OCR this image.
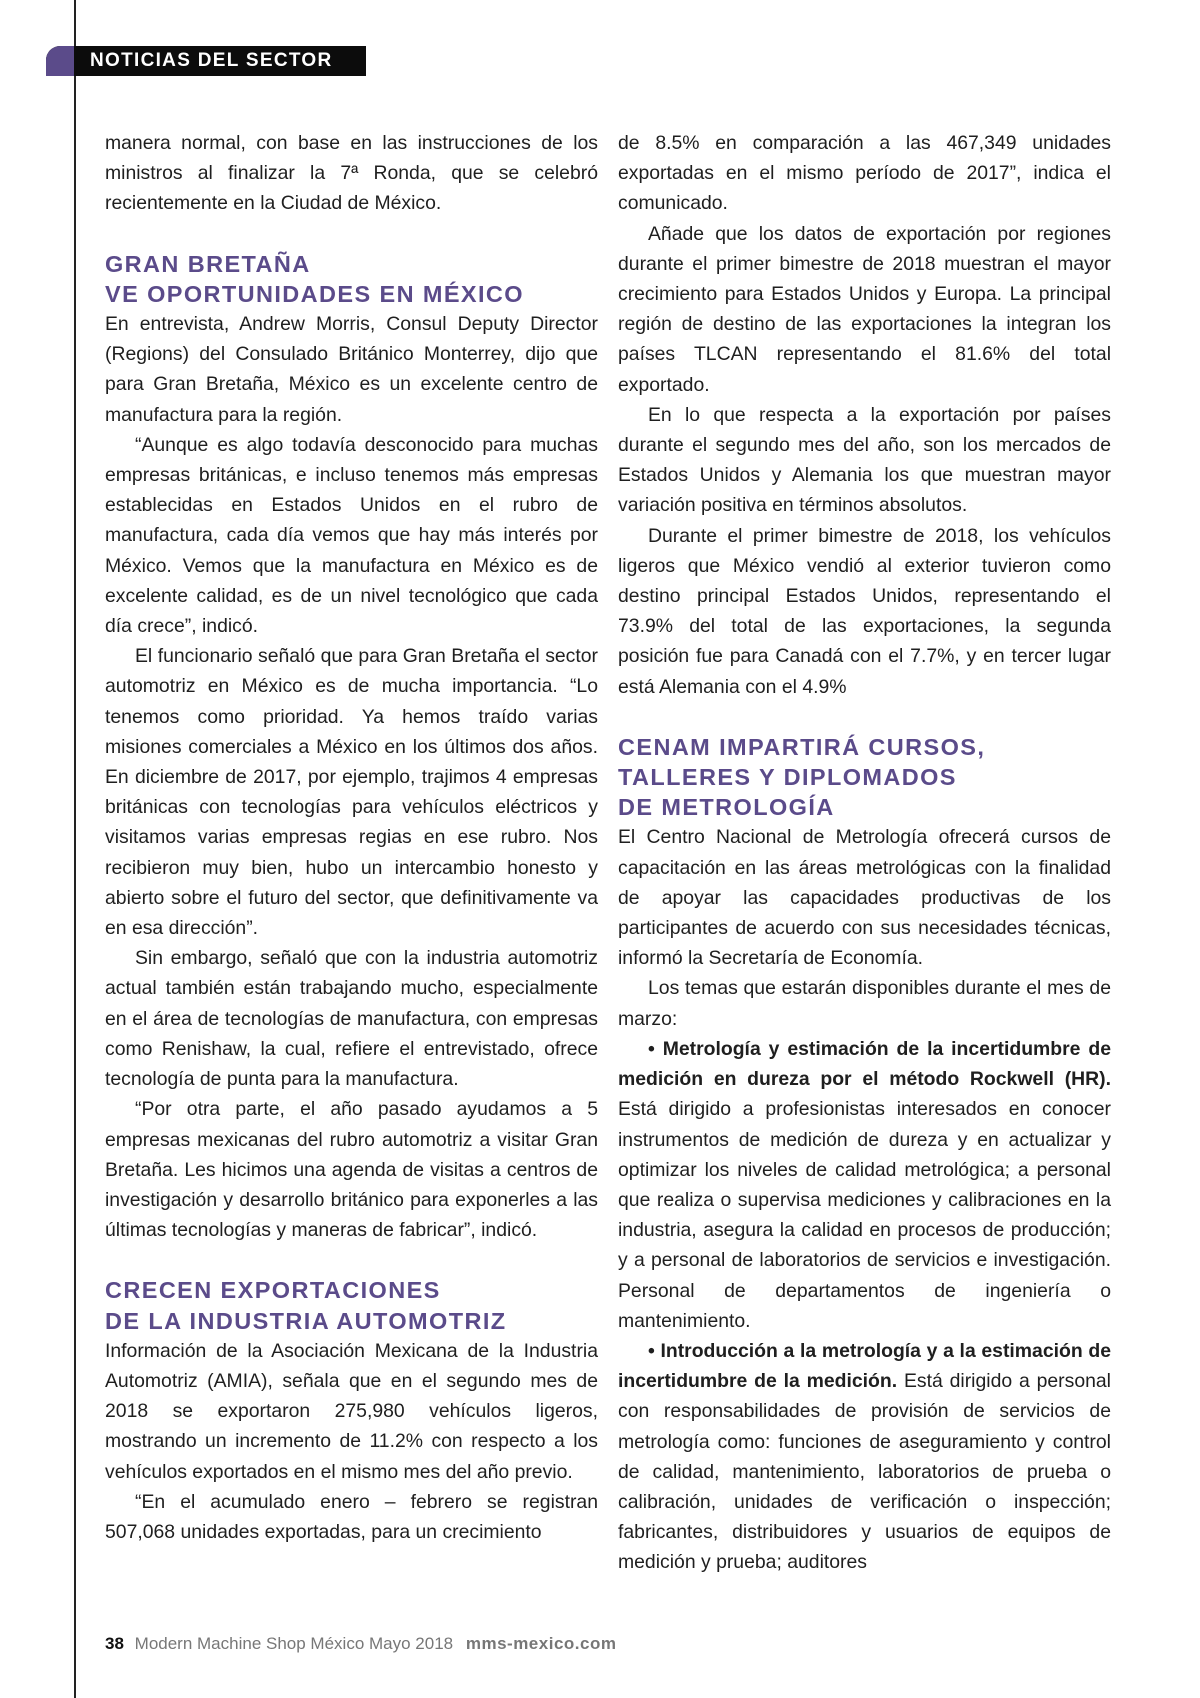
NOTICIAS DEL SECTOR

manera normal, con base en las instrucciones de los ministros al finalizar la 7ª Ronda, que se celebró recientemente en la Ciudad de México.

GRAN BRETAÑA
VE OPORTUNIDADES EN MÉXICO

En entrevista, Andrew Morris, Consul Deputy Director (Regions) del Consulado Británico Monterrey, dijo que para Gran Bretaña, México es un excelente centro de manufactura para la región.

“Aunque es algo todavía desconocido para muchas empresas británicas, e incluso tenemos más empresas establecidas en Estados Unidos en el rubro de manufactura, cada día vemos que hay más interés por México. Vemos que la manufactura en México es de excelente calidad, es de un nivel tecnológico que cada día crece”, indicó.

El funcionario señaló que para Gran Bretaña el sector automotriz en México es de mucha importancia. “Lo tenemos como prioridad. Ya hemos traído varias misiones comerciales a México en los últimos dos años. En diciembre de 2017, por ejemplo, trajimos 4 empresas británicas con tecnologías para vehículos eléctricos y visitamos varias empresas regias en ese rubro. Nos recibieron muy bien, hubo un intercambio honesto y abierto sobre el futuro del sector, que definitivamente va en esa dirección”.

Sin embargo, señaló que con la industria automotriz actual también están trabajando mucho, especialmente en el área de tecnologías de manufactura, con empresas como Renishaw, la cual, refiere el entrevistado, ofrece tecnología de punta para la manufactura.

“Por otra parte, el año pasado ayudamos a 5 empresas mexicanas del rubro automotriz a visitar Gran Bretaña. Les hicimos una agenda de visitas a centros de investigación y desarrollo británico para exponerles a las últimas tecnologías y maneras de fabricar”, indicó.

CRECEN EXPORTACIONES
DE LA INDUSTRIA AUTOMOTRIZ

Información de la Asociación Mexicana de la Industria Automotriz (AMIA), señala que en el segundo mes de 2018 se exportaron 275,980 vehículos ligeros, mostrando un incremento de 11.2% con respecto a los vehículos exportados en el mismo mes del año previo.

“En el acumulado enero – febrero se registran 507,068 unidades exportadas, para un crecimiento

de 8.5% en comparación a las 467,349 unidades exportadas en el mismo período de 2017”, indica el comunicado.

Añade que los datos de exportación por regiones durante el primer bimestre de 2018 muestran el mayor crecimiento para Estados Unidos y Europa. La principal región de destino de las exportaciones la integran los países TLCAN representando el 81.6% del total exportado.

En lo que respecta a la exportación por países durante el segundo mes del año, son los mercados de Estados Unidos y Alemania los que muestran mayor variación positiva en términos absolutos.

Durante el primer bimestre de 2018, los vehículos ligeros que México vendió al exterior tuvieron como destino principal Estados Unidos, representando el 73.9% del total de las exportaciones, la segunda posición fue para Canadá con el 7.7%, y en tercer lugar está Alemania con el 4.9%

CENAM IMPARTIRÁ CURSOS,
TALLERES Y DIPLOMADOS
DE METROLOGÍA

El Centro Nacional de Metrología ofrecerá cursos de capacitación en las áreas metrológicas con la finalidad de apoyar las capacidades productivas de los participantes de acuerdo con sus necesidades técnicas, informó la Secretaría de Economía.

Los temas que estarán disponibles durante el mes de marzo:

• Metrología y estimación de la incertidumbre de medición en dureza por el método Rockwell (HR). Está dirigido a profesionistas interesados en conocer instrumentos de medición de dureza y en actualizar y optimizar los niveles de calidad metrológica; a personal que realiza o supervisa mediciones y calibraciones en la industria, asegura la calidad en procesos de producción; y a personal de laboratorios de servicios e investigación. Personal de departamentos de ingeniería o mantenimiento.

• Introducción a la metrología y a la estimación de incertidumbre de la medición. Está dirigido a personal con responsabilidades de provisión de servicios de metrología como: funciones de aseguramiento y control de calidad, mantenimiento, laboratorios de prueba o calibración, unidades de verificación o inspección; fabricantes, distribuidores y usuarios de equipos de medición y prueba; auditores

38 Modern Machine Shop México Mayo 2018 mms-mexico.com
